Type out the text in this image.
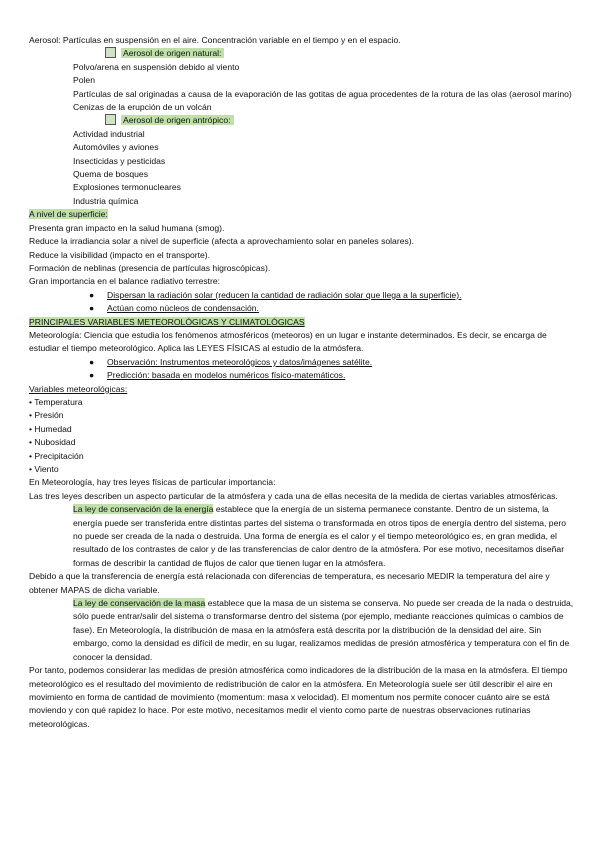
Aerosol: Partículas en suspensión en el aire. Concentración variable en el tiempo y en el espacio.
Aerosol de origen natural:
Polvo/arena en suspensión debido al viento
Polen
Partículas de sal originadas a causa de la evaporación de las gotitas de agua procedentes de la rotura de las olas (aerosol marino)
Cenizas de la erupción de un volcán
Aerosol de origen antrópico:
Actividad industrial
Automóviles y aviones
Insecticidas y pesticidas
Quema de bosques
Explosiones termonucleares
Industria química
A nivel de superficie:
Presenta gran impacto en la salud humana (smog).
Reduce la irradiancia solar a nivel de superficie (afecta a aprovechamiento solar en paneles solares).
Reduce la visibilidad (impacto en el transporte).
Formación de neblinas (presencia de partículas higroscópicas).
Gran importancia en el balance radiativo terrestre:
● Dispersan la radiación solar (reducen la cantidad de radiación solar que llega a la superficie).
● Actúan como núcleos de condensación.
PRINCIPALES VARIABLES METEOROLÓGICAS Y CLIMATOLÓGICAS
Meteorología: Ciencia que estudia los fenómenos atmosféricos (meteoros) en un lugar e instante determinados. Es decir, se encarga de estudiar el tiempo meteorológico. Aplica las LEYES FÍSICAS al estudio de la atmósfera.
● Observación: Instrumentos meteorológicos y datos/imágenes satélite.
● Predicción: basada en modelos numéricos físico-matemáticos.
Variables meteorológicas:
• Temperatura
• Presión
• Humedad
• Nubosidad
• Precipitación
• Viento
En Meteorología, hay tres leyes físicas de particular importancia:
Las tres leyes describen un aspecto particular de la atmósfera y cada una de ellas necesita de la medida de ciertas variables atmosféricas.
La ley de conservación de la energía establece que la energía de un sistema permanece constante. Dentro de un sistema, la energía puede ser transferida entre distintas partes del sistema o transformada en otros tipos de energía dentro del sistema, pero no puede ser creada de la nada o destruida. Una forma de energía es el calor y el tiempo meteorológico es, en gran medida, el resultado de los contrastes de calor y de las transferencias de calor dentro de la atmósfera. Por ese motivo, necesitamos diseñar formas de describir la cantidad de flujos de calor que tienen lugar en la atmósfera.
Debido a que la transferencia de energía está relacionada con diferencias de temperatura, es necesario MEDIR la temperatura del aire y obtener MAPAS de dicha variable.
La ley de conservación de la masa establece que la masa de un sistema se conserva. No puede ser creada de la nada o destruida, sólo puede entrar/salir del sistema o transformarse dentro del sistema (por ejemplo, mediante reacciones químicas o cambios de fase). En Meteorología, la distribución de masa en la atmósfera está descrita por la distribución de la densidad del aire. Sin embargo, como la densidad es difícil de medir, en su lugar, realizamos medidas de presión atmosférica y temperatura con el fin de conocer la densidad.
Por tanto, podemos considerar las medidas de presión atmosférica como indicadores de la distribución de la masa en la atmósfera. El tiempo meteorológico es el resultado del movimiento de redistribución de calor en la atmósfera. En Meteorología suele ser útil describir el aire en movimiento en forma de cantidad de movimiento (momentum: masa x velocidad). El momentum nos permite conocer cuánto aire se está moviendo y con qué rapidez lo hace. Por este motivo, necesitamos medir el viento como parte de nuestras observaciones rutinarias meteorológicas.
